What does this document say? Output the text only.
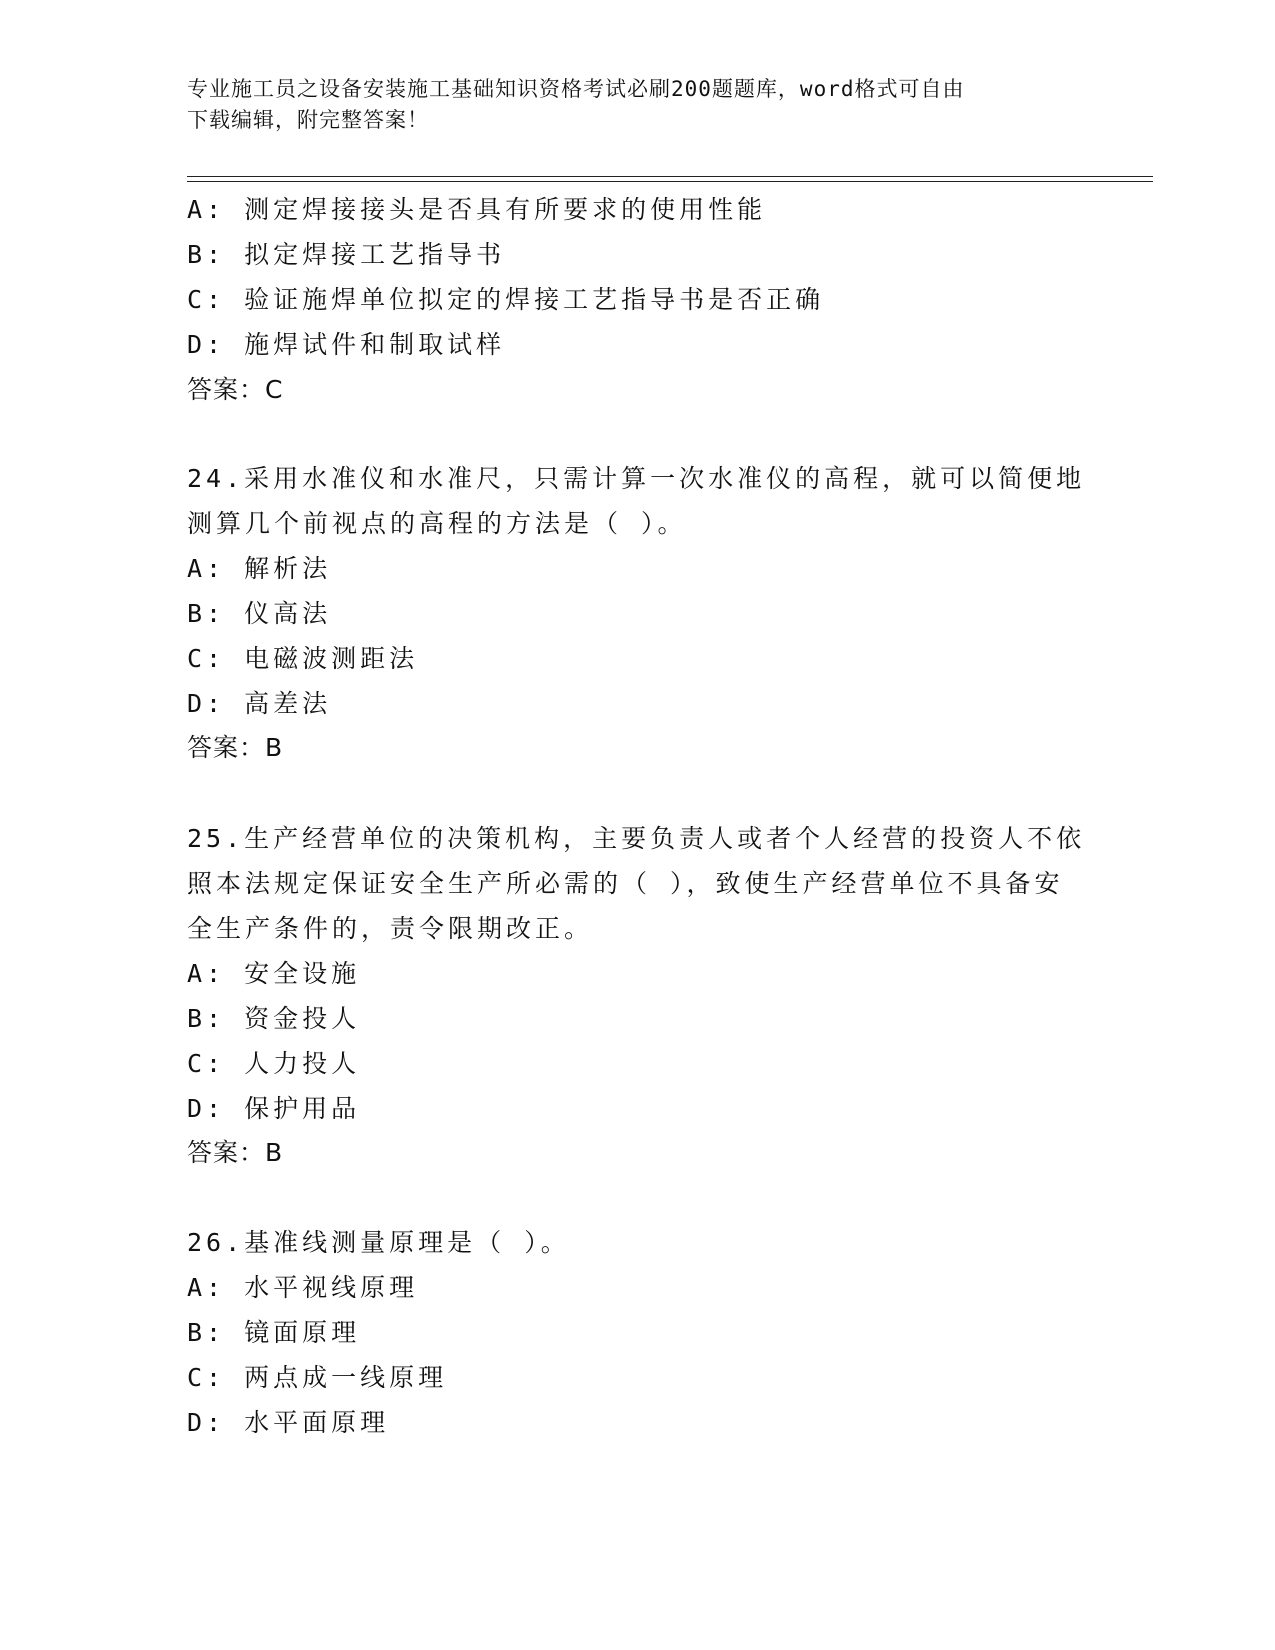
专业施工员之设备安装施工基础知识资格考试必刷200题题库，word格式可自由
下载编辑，附完整答案！
A: 测定焊接接头是否具有所要求的使用性能
B: 拟定焊接工艺指导书
C: 验证施焊单位拟定的焊接工艺指导书是否正确
D: 施焊试件和制取试样
答案：C
24.采用水准仪和水准尺，只需计算一次水准仪的高程，就可以简便地
测算几个前视点的高程的方法是（ ）。
A: 解析法
B: 仪高法
C: 电磁波测距法
D: 高差法
答案：B
25.生产经营单位的决策机构，主要负责人或者个人经营的投资人不依
照本法规定保证安全生产所必需的（ ），致使生产经营单位不具备安
全生产条件的，责令限期改正。
A: 安全设施
B: 资金投人
C: 人力投人
D: 保护用品
答案：B
26.基准线测量原理是（ ）。
A: 水平视线原理
B: 镜面原理
C: 两点成一线原理
D: 水平面原理
